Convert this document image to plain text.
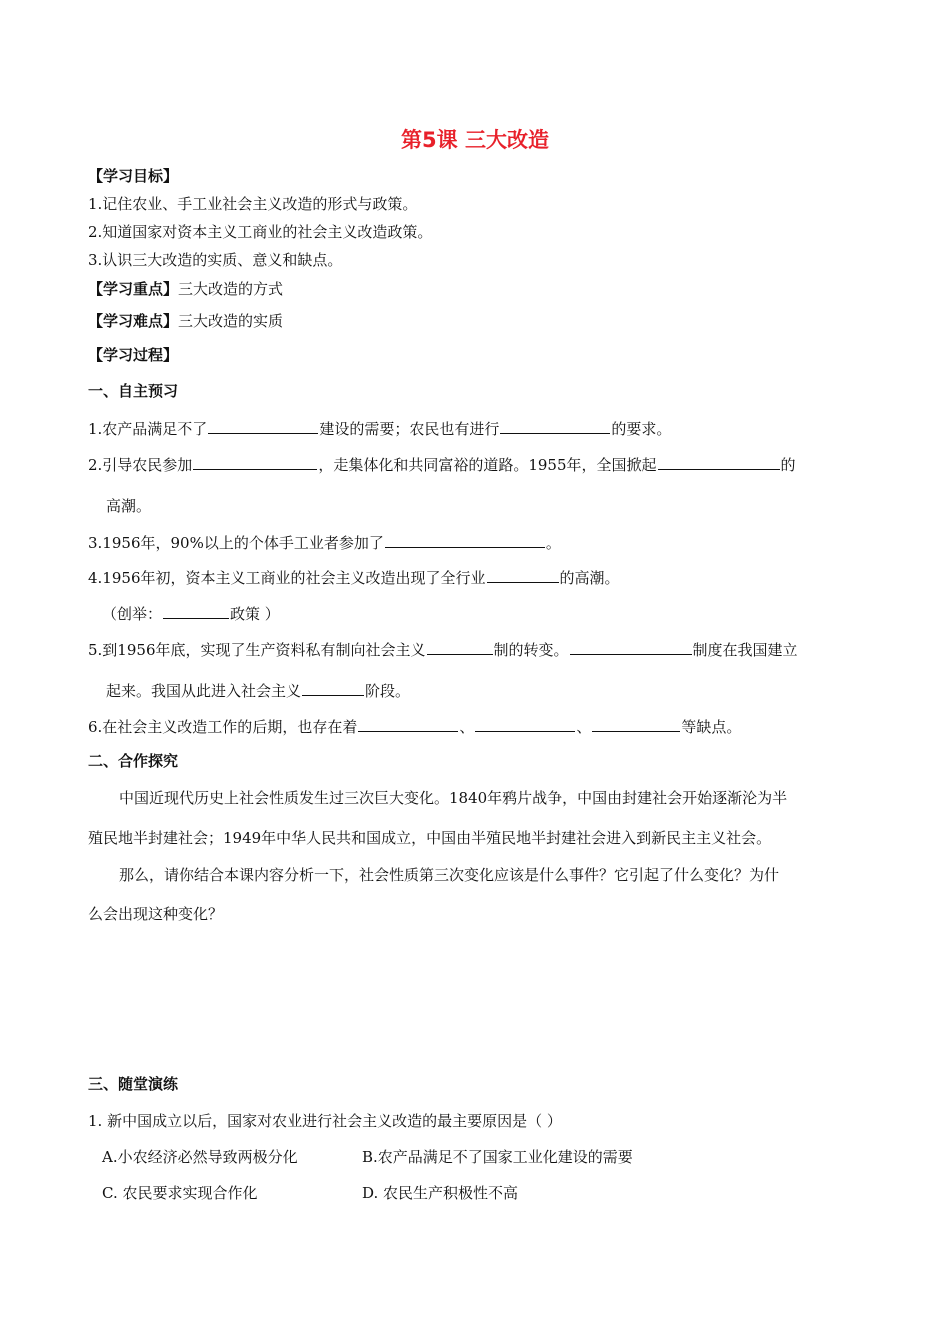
第5课 三大改造
【学习目标】
1.记住农业、手工业社会主义改造的形式与政策。
2.知道国家对资本主义工商业的社会主义改造政策。
3.认识三大改造的实质、意义和缺点。
【学习重点】三大改造的方式
【学习难点】三大改造的实质
【学习过程】
一、自主预习
1.农产品满足不了	建设的需要；农民也有进行	的要求。
2.引导农民参加	，走集体化和共同富裕的道路。1955年，全国掀起	的
高潮。
3.1956年，90%以上的个体手工业者参加了	。
4.1956年初，资本主义工商业的社会主义改造出现了全行业	的高潮。
（创举：	政策 ）
5.到1956年底，实现了生产资料私有制向社会主义	制的转变。	制度在我国建立
起来。我国从此进入社会主义	阶段。
6.在社会主义改造工作的后期，也存在着	、	、	等缺点。
二、合作探究
中国近现代历史上社会性质发生过三次巨大变化。1840年鸦片战争，中国由封建社会开始逐渐沦为半
殖民地半封建社会；1949年中华人民共和国成立，中国由半殖民地半封建社会进入到新民主主义社会。
那么，请你结合本课内容分析一下，社会性质第三次变化应该是什么事件？它引起了什么变化？为什
么会出现这种变化？
三、随堂演练
1. 新中国成立以后，国家对农业进行社会主义改造的最主要原因是（ ）
A.小农经济必然导致两极分化	B.农产品满足不了国家工业化建设的需要
C. 农民要求实现合作化	D. 农民生产积极性不高
